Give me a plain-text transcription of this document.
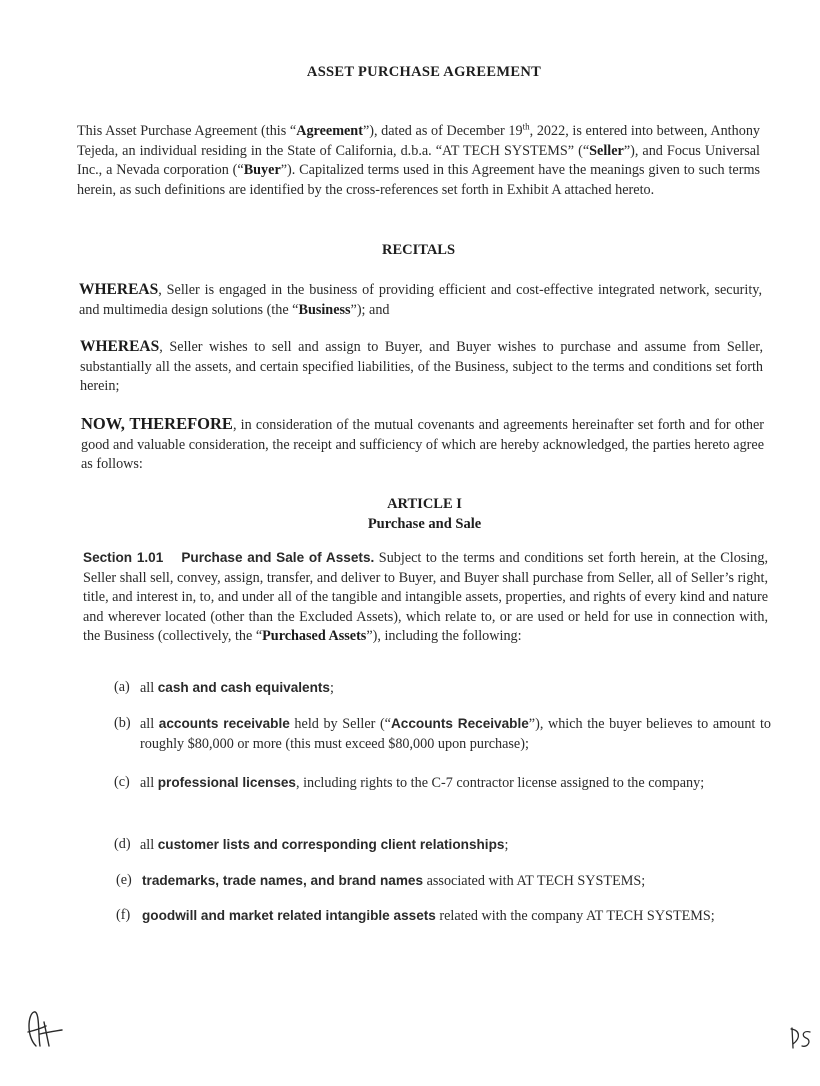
ASSET PURCHASE AGREEMENT

This Asset Purchase Agreement (this “Agreement”), dated as of December 19th, 2022, is entered into between, Anthony Tejeda, an individual residing in the State of California, d.b.a. “AT TECH SYSTEMS” (“Seller”), and Focus Universal Inc., a Nevada corporation (“Buyer”). Capitalized terms used in this Agreement have the meanings given to such terms herein, as such definitions are identified by the cross-references set forth in Exhibit A attached hereto.

RECITALS

WHEREAS, Seller is engaged in the business of providing efficient and cost-effective integrated network, security, and multimedia design solutions (the “Business”); and

WHEREAS, Seller wishes to sell and assign to Buyer, and Buyer wishes to purchase and assume from Seller, substantially all the assets, and certain specified liabilities, of the Business, subject to the terms and conditions set forth herein;

NOW, THEREFORE, in consideration of the mutual covenants and agreements hereinafter set forth and for other good and valuable consideration, the receipt and sufficiency of which are hereby acknowledged, the parties hereto agree as follows:

ARTICLE I
Purchase and Sale

Section 1.01 Purchase and Sale of Assets. Subject to the terms and conditions set forth herein, at the Closing, Seller shall sell, convey, assign, transfer, and deliver to Buyer, and Buyer shall purchase from Seller, all of Seller’s right, title, and interest in, to, and under all of the tangible and intangible assets, properties, and rights of every kind and nature and wherever located (other than the Excluded Assets), which relate to, or are used or held for use in connection with, the Business (collectively, the “Purchased Assets”), including the following:

(a) all cash and cash equivalents;
(b) all accounts receivable held by Seller (“Accounts Receivable”), which the buyer believes to amount to roughly $80,000 or more (this must exceed $80,000 upon purchase);
(c) all professional licenses, including rights to the C-7 contractor license assigned to the company;
(d) all customer lists and corresponding client relationships;
(e) trademarks, trade names, and brand names associated with AT TECH SYSTEMS;
(f) goodwill and market related intangible assets related with the company AT TECH SYSTEMS;
